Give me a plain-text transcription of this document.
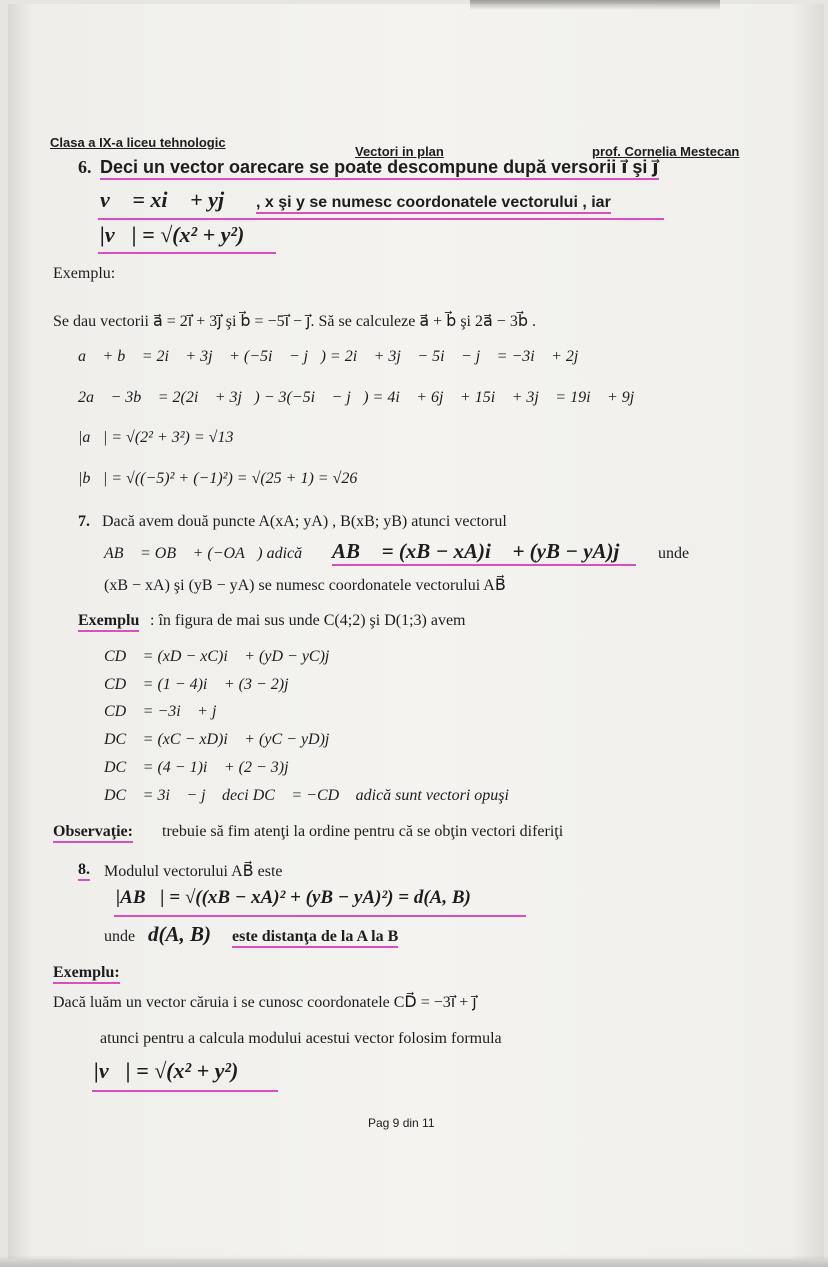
Clasa a IX-a liceu tehnologic
Vectori in plan	prof. Cornelia Mestecan
6. Deci un vector oarecare se poate descompune după versorii i⃗ şi j⃗
v⃗ = xi⃗ + yj⃗ , x şi y se numesc coordonatele vectorului , iar
|v⃗| = √(x² + y²)
Exemplu:
Se dau vectorii a⃗ = 2i⃗ + 3j⃗ şi b⃗ = −5i⃗ − j⃗. Să se calculeze a⃗ + b⃗ şi 2a⃗ − 3b⃗ .
a⃗ + b⃗ = 2i⃗ + 3j⃗ + (−5i⃗ − j⃗) = 2i⃗ + 3j⃗ − 5i⃗ − j⃗ = −3i⃗ + 2j⃗
2a⃗ − 3b⃗ = 2(2i⃗ + 3j⃗) − 3(−5i⃗ − j⃗) = 4i⃗ + 6j⃗ + 15i⃗ + 3j⃗ = 19i⃗ + 9j⃗
|a⃗| = √(2² + 3²) = √13
|b⃗| = √((−5)² + (−1)²) = √(25 + 1) = √26
7. Dacă avem două puncte A(xA; yA) , B(xB; yB) atunci vectorul
AB⃗ = OB⃗ + (−OA⃗) adică AB⃗ = (xB − xA)i⃗ + (yB − yA)j⃗ unde
(xB − xA) şi (yB − yA) se numesc coordonatele vectorului AB⃗
Exemplu : în figura de mai sus unde C(4;2) şi D(1;3) avem
CD⃗ = (xD − xC)i⃗ + (yD − yC)j⃗
CD⃗ = (1 − 4)i⃗ + (3 − 2)j⃗
CD⃗ = −3i⃗ + j⃗
DC⃗ = (xC − xD)i⃗ + (yC − yD)j⃗
DC⃗ = (4 − 1)i⃗ + (2 − 3)j⃗
DC⃗ = 3i⃗ − j⃗ deci DC⃗ = −CD⃗ adică sunt vectori opuşi
Observaţie: trebuie să fim atenţi la ordine pentru că se obţin vectori diferiţi
8. Modulul vectorului AB⃗ este
|AB⃗| = √((xB − xA)² + (yB − yA)²) = d(A, B)
unde d(A, B) este distanţa de la A la B
Exemplu:
Dacă luăm un vector căruia i se cunosc coordonatele CD⃗ = −3i⃗ + j⃗
atunci pentru a calcula modului acestui vector folosim formula
|v⃗| = √(x² + y²)
Pag 9 din 11
